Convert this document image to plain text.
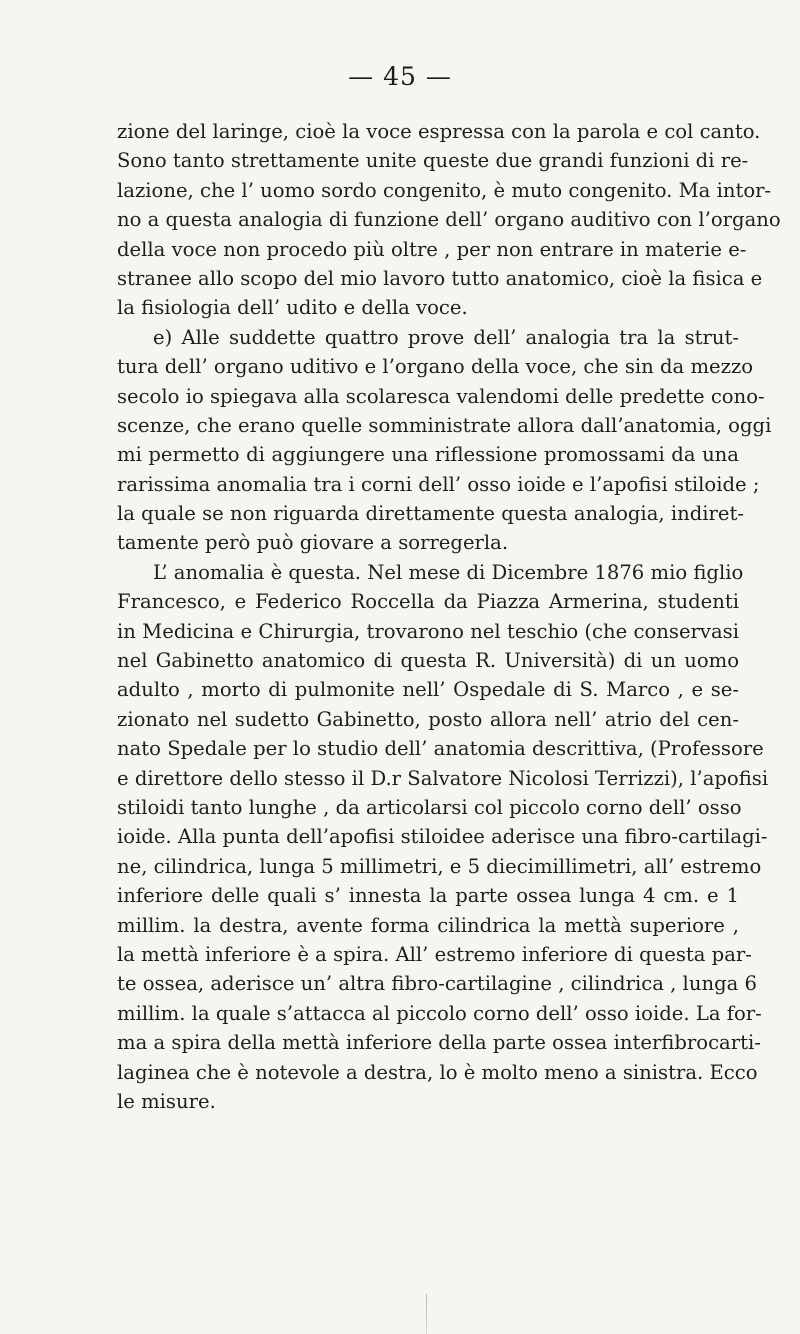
— 45 —
zione del laringe, cioè la voce espressa con la parola e col canto.
Sono tanto strettamente unite queste due grandi funzioni di re-
lazione, che l’ uomo sordo congenito, è muto congenito. Ma intor-
no a questa analogia di funzione dell’ organo auditivo con l’organo
della voce non procedo più oltre , per non entrare in materie e-
stranee allo scopo del mio lavoro tutto anatomico, cioè la fisica e
la fisiologia dell’ udito e della voce.
e) Alle suddette quattro prove dell’ analogia tra la strut-
tura dell’ organo uditivo e l’organo della voce, che sin da mezzo
secolo io spiegava alla scolaresca valendomi delle predette cono-
scenze, che erano quelle somministrate allora dall’anatomia, oggi
mi permetto di aggiungere una riflessione promossami da una
rarissima anomalia tra i corni dell’ osso ioide e l’apofisi stiloide ;
la quale se non riguarda direttamente questa analogia, indiret-
tamente però può giovare a sorregerla.
L’ anomalia è questa. Nel mese di Dicembre 1876 mio figlio
Francesco, e Federico Roccella da Piazza Armerina, studenti
in Medicina e Chirurgia, trovarono nel teschio (che conservasi
nel Gabinetto anatomico di questa R. Università) di un uomo
adulto , morto di pulmonite nell’ Ospedale di S. Marco , e se-
zionato nel sudetto Gabinetto, posto allora nell’ atrio del cen-
nato Spedale per lo studio dell’ anatomia descrittiva, (Professore
e direttore dello stesso il D.r Salvatore Nicolosi Terrizzi), l’apofisi
stiloidi tanto lunghe , da articolarsi col piccolo corno dell’ osso
ioide. Alla punta dell’apofisi stiloidee aderisce una fibro-cartilagi-
ne, cilindrica, lunga 5 millimetri, e 5 diecimillimetri, all’ estremo
inferiore delle quali s’ innesta la parte ossea lunga 4 cm. e 1
millim. la destra, avente forma cilindrica la mettà superiore ,
la mettà inferiore è a spira. All’ estremo inferiore di questa par-
te ossea, aderisce un’ altra fibro-cartilagine , cilindrica , lunga 6
millim. la quale s’attacca al piccolo corno dell’ osso ioide. La for-
ma a spira della mettà inferiore della parte ossea interfibrocarti-
laginea che è notevole a destra, lo è molto meno a sinistra. Ecco
le misure.
